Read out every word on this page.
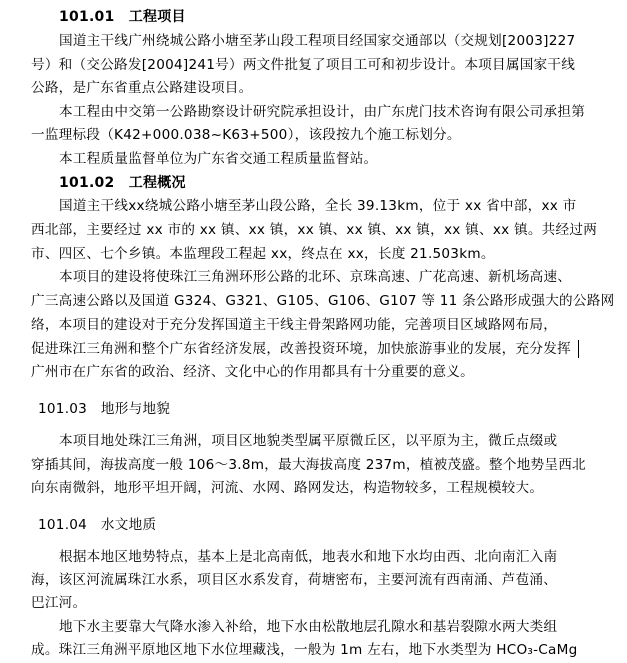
101.01　工程项目
国道主干线广州绕城公路小塘至茅山段工程项目经国家交通部以（交规划[2003]227
号）和（交公路发[2004]241号）两文件批复了项目工可和初步设计。本项目属国家干线
公路，是广东省重点公路建设项目。
本工程由中交第一公路勘察设计研究院承担设计，由广东虎门技术咨询有限公司承担第
一监理标段（K42+000.038~K63+500），该段按九个施工标划分。
本工程质量监督单位为广东省交通工程质量监督站。
101.02　工程概况
国道主干线xx绕城公路小塘至茅山段公路，全长 39.13km，位于 xx 省中部，xx 市
西北部，主要经过 xx 市的 xx 镇、xx 镇，xx 镇、xx 镇、xx 镇，xx 镇、xx 镇。共经过两
市、四区、七个乡镇。本监理段工程起 xx，终点在 xx，长度 21.503km。
本项目的建设将使珠江三角洲环形公路的北环、京珠高速、广花高速、新机场高速、
广三高速公路以及国道 G324、G321、G105、G106、G107 等 11 条公路形成强大的公路网
络，本项目的建设对于充分发挥国道主干线主骨架路网功能，完善项目区域路网布局，
促进珠江三角洲和整个广东省经济发展，改善投资环境，加快旅游事业的发展，充分发挥
广州市在广东省的政治、经济、文化中心的作用都具有十分重要的意义。
101.03　地形与地貌
本项目地处珠江三角洲，项目区地貌类型属平原微丘区，以平原为主，微丘点缀或
穿插其间，海拔高度一般 106～3.8m，最大海拔高度 237m，植被茂盛。整个地势呈西北
向东南微斜，地形平坦开阔，河流、水网、路网发达，构造物较多，工程规模较大。
101.04　水文地质
根据本地区地势特点，基本上是北高南低，地表水和地下水均由西、北向南汇入南
海，该区河流属珠江水系，项目区水系发育，荷塘密布，主要河流有西南涌、芦苞涌、
巴江河。
地下水主要靠大气降水渗入补给，地下水由松散地层孔隙水和基岩裂隙水两大类组
成。珠江三角洲平原地区地下水位埋藏浅，一般为 1m 左右，地下水类型为 HCO₃-CaMg
